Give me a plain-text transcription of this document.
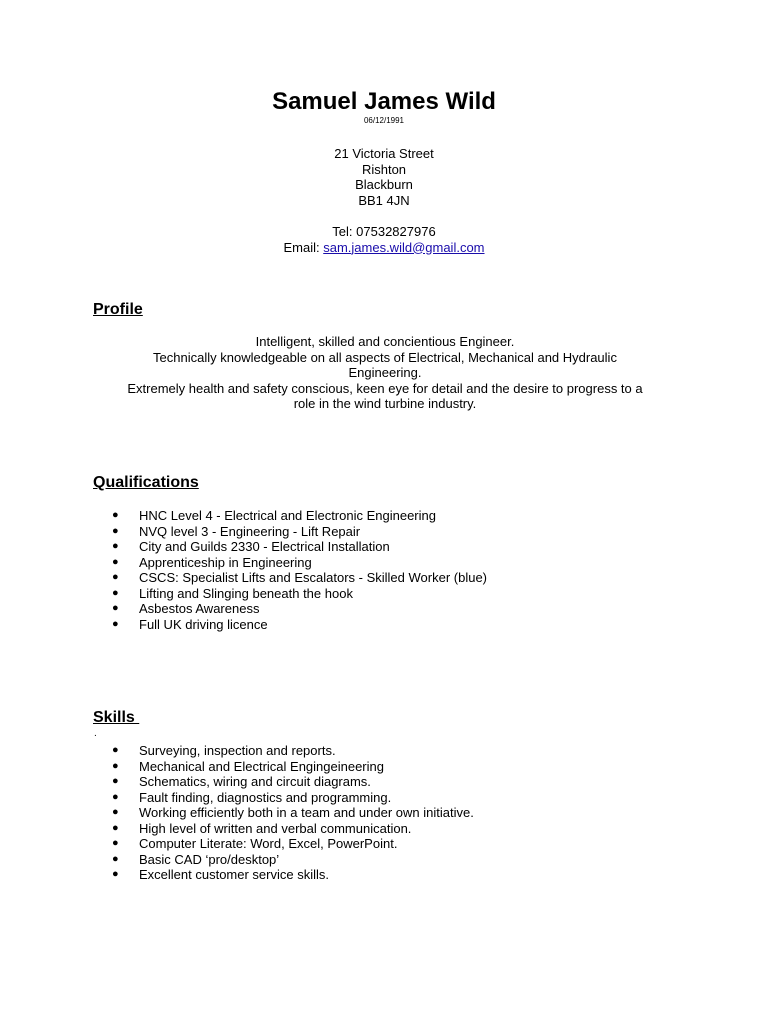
Samuel James Wild
06/12/1991
21 Victoria Street
Rishton
Blackburn
BB1 4JN
Tel: 07532827976
Email: sam.james.wild@gmail.com
Profile
Intelligent, skilled and concientious Engineer.
Technically knowledgeable on all aspects of Electrical, Mechanical and Hydraulic
Engineering.
Extremely health and safety conscious, keen eye for detail and the desire to progress to a
role in the wind turbine industry.
Qualifications
● HNC Level 4 - Electrical and Electronic Engineering
● NVQ level 3 - Engineering - Lift Repair
● City and Guilds 2330 - Electrical Installation
● Apprenticeship in Engineering
● CSCS: Specialist Lifts and Escalators - Skilled Worker (blue)
● Lifting and Slinging beneath the hook
● Asbestos Awareness
● Full UK driving licence
Skills
.
● Surveying, inspection and reports.
● Mechanical and Electrical Engingeineering
● Schematics, wiring and circuit diagrams.
● Fault finding, diagnostics and programming.
● Working efficiently both in a team and under own initiative.
● High level of written and verbal communication.
● Computer Literate: Word, Excel, PowerPoint.
● Basic CAD ‘pro/desktop’
● Excellent customer service skills.
